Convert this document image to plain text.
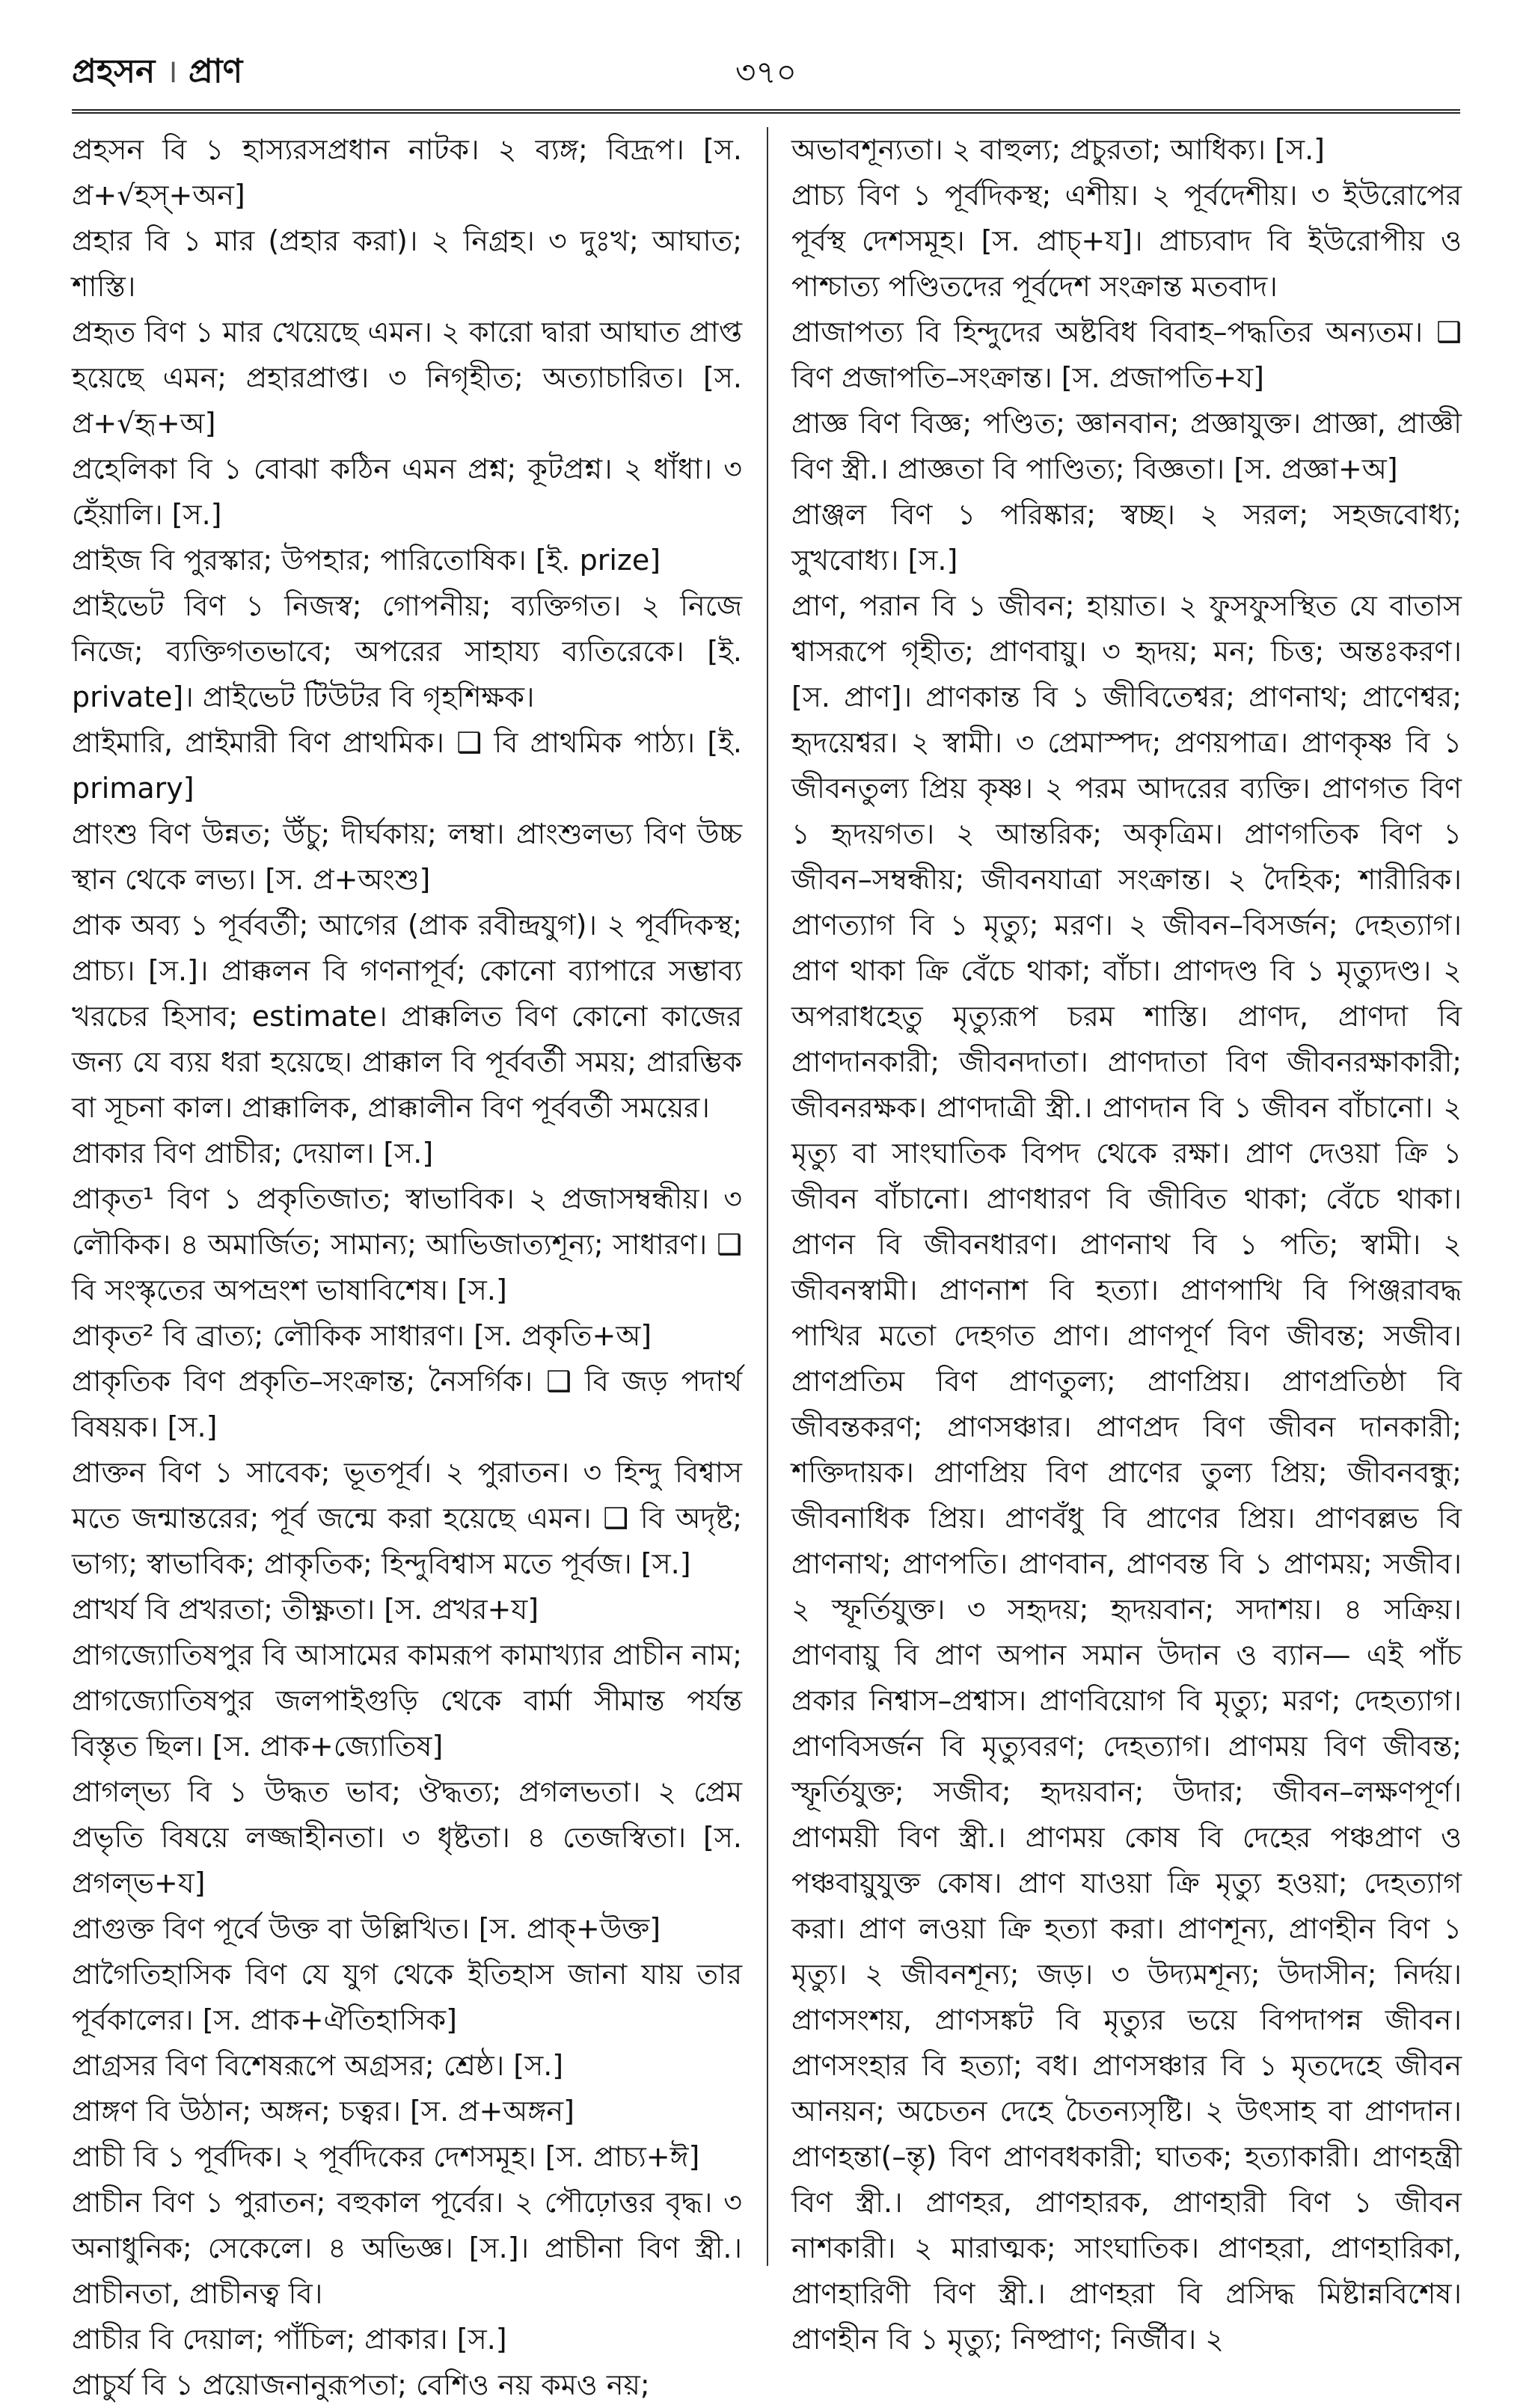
প্রহসন । প্রাণ	৩৭০

প্রহসন বি ১ হাস্যরসপ্রধান নাটক। ২ ব্যঙ্গ; বিদ্রূপ। [স. প্র+√হস্+অন]

প্রহার বি ১ মার (প্রহার করা)। ২ নিগ্রহ। ৩ দুঃখ; আঘাত; শাস্তি।

প্রহৃত বিণ ১ মার খেয়েছে এমন। ২ কারো দ্বারা আঘাত প্রাপ্ত হয়েছে এমন; প্রহারপ্রাপ্ত। ৩ নিগৃহীত; অত্যাচারিত। [স. প্র+√হৃ+অ]

প্রহেলিকা বি ১ বোঝা কঠিন এমন প্রশ্ন; কূটপ্রশ্ন। ২ ধাঁধা। ৩ হেঁয়ালি। [স.]

প্রাইজ বি পুরস্কার; উপহার; পারিতোষিক। [ই. prize]

প্রাইভেট বিণ ১ নিজস্ব; গোপনীয়; ব্যক্তিগত। ২ নিজে নিজে; ব্যক্তিগতভাবে; অপরের সাহায্য ব্যতিরেকে। [ই. private]। প্রাইভেট টিউটর বি গৃহশিক্ষক।

প্রাইমারি, প্রাইমারী বিণ প্রাথমিক। ❑ বি প্রাথমিক পাঠ্য। [ই. primary]

প্রাংশু বিণ উন্নত; উঁচু; দীর্ঘকায়; লম্বা। প্রাংশুলভ্য বিণ উচ্চ স্থান থেকে লভ্য। [স. প্র+অংশু]

প্রাক অব্য ১ পূর্ববর্তী; আগের (প্রাক রবীন্দ্রযুগ)। ২ পূর্বদিকস্থ; প্রাচ্য। [স.]। প্রাক্কলন বি গণনাপূর্ব; কোনো ব্যাপারে সম্ভাব্য খরচের হিসাব; estimate। প্রাক্কলিত বিণ কোনো কাজের জন্য যে ব্যয় ধরা হয়েছে। প্রাক্কাল বি পূর্ববর্তী সময়; প্রারম্ভিক বা সূচনা কাল। প্রাক্কালিক, প্রাক্কালীন বিণ পূর্ববর্তী সময়ের।

প্রাকার বিণ প্রাচীর; দেয়াল। [স.]

প্রাকৃত¹ বিণ ১ প্রকৃতিজাত; স্বাভাবিক। ২ প্রজাসম্বন্ধীয়। ৩ লৌকিক। ৪ অমার্জিত; সামান্য; আভিজাত্যশূন্য; সাধারণ। ❑ বি সংস্কৃতের অপভ্রংশ ভাষাবিশেষ। [স.]

প্রাকৃত² বি ব্রাত্য; লৌকিক সাধারণ। [স. প্রকৃতি+অ]

প্রাকৃতিক বিণ প্রকৃতি–সংক্রান্ত; নৈসর্গিক। ❑ বি জড় পদার্থ বিষয়ক। [স.]

প্রাক্তন বিণ ১ সাবেক; ভূতপূর্ব। ২ পুরাতন। ৩ হিন্দু বিশ্বাস মতে জন্মান্তরের; পূর্ব জন্মে করা হয়েছে এমন। ❑ বি অদৃষ্ট; ভাগ্য; স্বাভাবিক; প্রাকৃতিক; হিন্দুবিশ্বাস মতে পূর্বজ। [স.]

প্রাখর্য বি প্রখরতা; তীক্ষ্ণতা। [স. প্রখর+য]

প্রাগজ্যোতিষপুর বি আসামের কামরূপ কামাখ্যার প্রাচীন নাম; প্রাগজ্যোতিষপুর জলপাইগুড়ি থেকে বার্মা সীমান্ত পর্যন্ত বিস্তৃত ছিল। [স. প্রাক+জ্যোতিষ]

প্রাগল্ভ্য বি ১ উদ্ধত ভাব; ঔদ্ধত্য; প্রগলভতা। ২ প্রেম প্রভৃতি বিষয়ে লজ্জাহীনতা। ৩ ধৃষ্টতা। ৪ তেজস্বিতা। [স. প্রগল্ভ+য]

প্রাগুক্ত বিণ পূর্বে উক্ত বা উল্লিখিত। [স. প্রাক্+উক্ত]

প্রাগৈতিহাসিক বিণ যে যুগ থেকে ইতিহাস জানা যায় তার পূর্বকালের। [স. প্রাক+ঐতিহাসিক]

প্রাগ্রসর বিণ বিশেষরূপে অগ্রসর; শ্রেষ্ঠ। [স.]

প্রাঙ্গণ বি উঠান; অঙ্গন; চত্বর। [স. প্র+অঙ্গন]

প্রাচী বি ১ পূর্বদিক। ২ পূর্বদিকের দেশসমূহ। [স. প্রাচ্য+ঈ]

প্রাচীন বিণ ১ পুরাতন; বহুকাল পূর্বের। ২ পৌঢ়োত্তর বৃদ্ধ। ৩ অনাধুনিক; সেকেলে। ৪ অভিজ্ঞ। [স.]। প্রাচীনা বিণ স্ত্রী.। প্রাচীনতা, প্রাচীনত্ব বি।

প্রাচীর বি দেয়াল; পাঁচিল; প্রাকার। [স.]

প্রাচুর্য বি ১ প্রয়োজনানুরূপতা; বেশিও নয় কমও নয়;

অভাবশূন্যতা। ২ বাহুল্য; প্রচুরতা; আধিক্য। [স.]

প্রাচ্য বিণ ১ পূর্বদিকস্থ; এশীয়। ২ পূর্বদেশীয়। ৩ ইউরোপের পূর্বস্থ দেশসমূহ। [স. প্রাচ্+য]। প্রাচ্যবাদ বি ইউরোপীয় ও পাশ্চাত্য পণ্ডিতদের পূর্বদেশ সংক্রান্ত মতবাদ।

প্রাজাপত্য বি হিন্দুদের অষ্টবিধ বিবাহ–পদ্ধতির অন্যতম। ❑ বিণ প্রজাপতি–সংক্রান্ত। [স. প্রজাপতি+য]

প্রাজ্ঞ বিণ বিজ্ঞ; পণ্ডিত; জ্ঞানবান; প্রজ্ঞাযুক্ত। প্রাজ্ঞা, প্রাজ্ঞী বিণ স্ত্রী.। প্রাজ্ঞতা বি পাণ্ডিত্য; বিজ্ঞতা। [স. প্রজ্ঞা+অ]

প্রাঞ্জল বিণ ১ পরিষ্কার; স্বচ্ছ। ২ সরল; সহজবোধ্য; সুখবোধ্য। [স.]

প্রাণ, পরান বি ১ জীবন; হায়াত। ২ ফুসফুসস্থিত যে বাতাস শ্বাসরূপে গৃহীত; প্রাণবায়ু। ৩ হৃদয়; মন; চিত্ত; অন্তঃকরণ। [স. প্রাণ]। প্রাণকান্ত বি ১ জীবিতেশ্বর; প্রাণনাথ; প্রাণেশ্বর; হৃদয়েশ্বর। ২ স্বামী। ৩ প্রেমাস্পদ; প্রণয়পাত্র। প্রাণকৃষ্ণ বি ১ জীবনতুল্য প্রিয় কৃষ্ণ। ২ পরম আদরের ব্যক্তি। প্রাণগত বিণ ১ হৃদয়গত। ২ আন্তরিক; অকৃত্রিম। প্রাণগতিক বিণ ১ জীবন–সম্বন্ধীয়; জীবনযাত্রা সংক্রান্ত। ২ দৈহিক; শারীরিক। প্রাণত্যাগ বি ১ মৃত্যু; মরণ। ২ জীবন–বিসর্জন; দেহত্যাগ। প্রাণ থাকা ক্রি বেঁচে থাকা; বাঁচা। প্রাণদণ্ড বি ১ মৃত্যুদণ্ড। ২ অপরাধহেতু মৃত্যুরূপ চরম শাস্তি। প্রাণদ, প্রাণদা বি প্রাণদানকারী; জীবনদাতা। প্রাণদাতা বিণ জীবনরক্ষাকারী; জীবনরক্ষক। প্রাণদাত্রী স্ত্রী.। প্রাণদান বি ১ জীবন বাঁচানো। ২ মৃত্যু বা সাংঘাতিক বিপদ থেকে রক্ষা। প্রাণ দেওয়া ক্রি ১ জীবন বাঁচানো। প্রাণধারণ বি জীবিত থাকা; বেঁচে থাকা। প্রাণন বি জীবনধারণ। প্রাণনাথ বি ১ পতি; স্বামী। ২ জীবনস্বামী। প্রাণনাশ বি হত্যা। প্রাণপাখি বি পিঞ্জরাবদ্ধ পাখির মতো দেহগত প্রাণ। প্রাণপূর্ণ বিণ জীবন্ত; সজীব। প্রাণপ্রতিম বিণ প্রাণতুল্য; প্রাণপ্রিয়। প্রাণপ্রতিষ্ঠা বি জীবন্তকরণ; প্রাণসঞ্চার। প্রাণপ্রদ বিণ জীবন দানকারী; শক্তিদায়ক। প্রাণপ্রিয় বিণ প্রাণের তুল্য প্রিয়; জীবনবন্ধু; জীবনাধিক প্রিয়। প্রাণবঁধু বি প্রাণের প্রিয়। প্রাণবল্লভ বি প্রাণনাথ; প্রাণপতি। প্রাণবান, প্রাণবন্ত বি ১ প্রাণময়; সজীব। ২ স্ফূর্তিযুক্ত। ৩ সহৃদয়; হৃদয়বান; সদাশয়। ৪ সক্রিয়। প্রাণবায়ু বি প্রাণ অপান সমান উদান ও ব্যান— এই পাঁচ প্রকার নিশ্বাস–প্রশ্বাস। প্রাণবিয়োগ বি মৃত্যু; মরণ; দেহত্যাগ। প্রাণবিসর্জন বি মৃত্যুবরণ; দেহত্যাগ। প্রাণময় বিণ জীবন্ত; স্ফূর্তিযুক্ত; সজীব; হৃদয়বান; উদার; জীবন–লক্ষণপূর্ণ। প্রাণময়ী বিণ স্ত্রী.। প্রাণময় কোষ বি দেহের পঞ্চপ্রাণ ও পঞ্চবায়ুযুক্ত কোষ। প্রাণ যাওয়া ক্রি মৃত্যু হওয়া; দেহত্যাগ করা। প্রাণ লওয়া ক্রি হত্যা করা। প্রাণশূন্য, প্রাণহীন বিণ ১ মৃত্যু। ২ জীবনশূন্য; জড়। ৩ উদ্যমশূন্য; উদাসীন; নির্দয়। প্রাণসংশয়, প্রাণসঙ্কট বি মৃত্যুর ভয়ে বিপদাপন্ন জীবন। প্রাণসংহার বি হত্যা; বধ। প্রাণসঞ্চার বি ১ মৃতদেহে জীবন আনয়ন; অচেতন দেহে চৈতন্যসৃষ্টি। ২ উৎসাহ বা প্রাণদান। প্রাণহন্তা(–ন্তৃ) বিণ প্রাণবধকারী; ঘাতক; হত্যাকারী। প্রাণহন্ত্রী বিণ স্ত্রী.। প্রাণহর, প্রাণহারক, প্রাণহারী বিণ ১ জীবন নাশকারী। ২ মারাত্মক; সাংঘাতিক। প্রাণহরা, প্রাণহারিকা, প্রাণহারিণী বিণ স্ত্রী.। প্রাণহরা বি প্রসিদ্ধ মিষ্টান্নবিশেষ। প্রাণহীন বি ১ মৃত্যু; নিষ্প্রাণ; নির্জীব। ২
